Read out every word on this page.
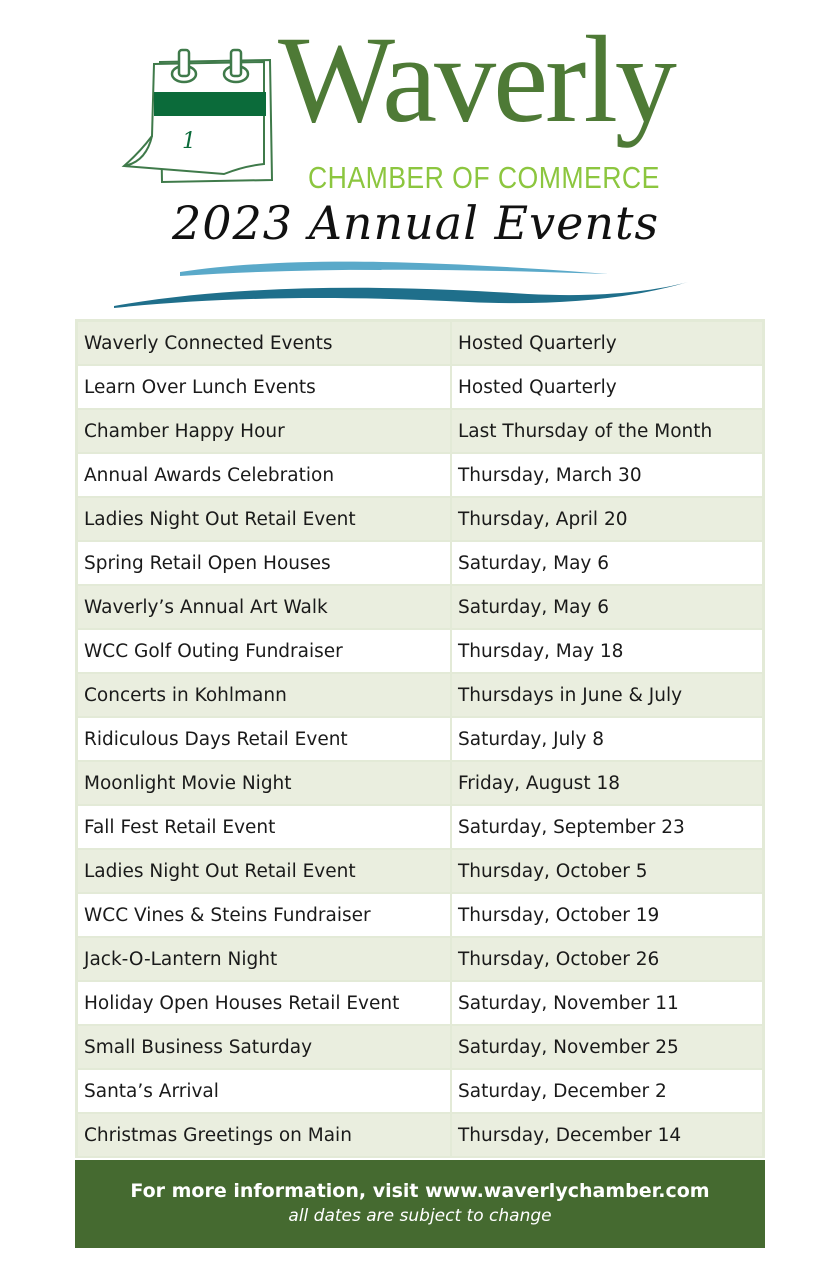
1 Waverly
CHAMBER OF COMMERCE
2023 Annual Events
Waverly Connected Events	Hosted Quarterly
Learn Over Lunch Events	Hosted Quarterly
Chamber Happy Hour	Last Thursday of the Month
Annual Awards Celebration	Thursday, March 30
Ladies Night Out Retail Event	Thursday, April 20
Spring Retail Open Houses	Saturday, May 6
Waverly’s Annual Art Walk	Saturday, May 6
WCC Golf Outing Fundraiser	Thursday, May 18
Concerts in Kohlmann	Thursdays in June & July
Ridiculous Days Retail Event	Saturday, July 8
Moonlight Movie Night	Friday, August 18
Fall Fest Retail Event	Saturday, September 23
Ladies Night Out Retail Event	Thursday, October 5
WCC Vines & Steins Fundraiser	Thursday, October 19
Jack-O-Lantern Night	Thursday, October 26
Holiday Open Houses Retail Event	Saturday, November 11
Small Business Saturday	Saturday, November 25
Santa’s Arrival	Saturday, December 2
Christmas Greetings on Main	Thursday, December 14
For more information, visit www.waverlychamber.com
all dates are subject to change
